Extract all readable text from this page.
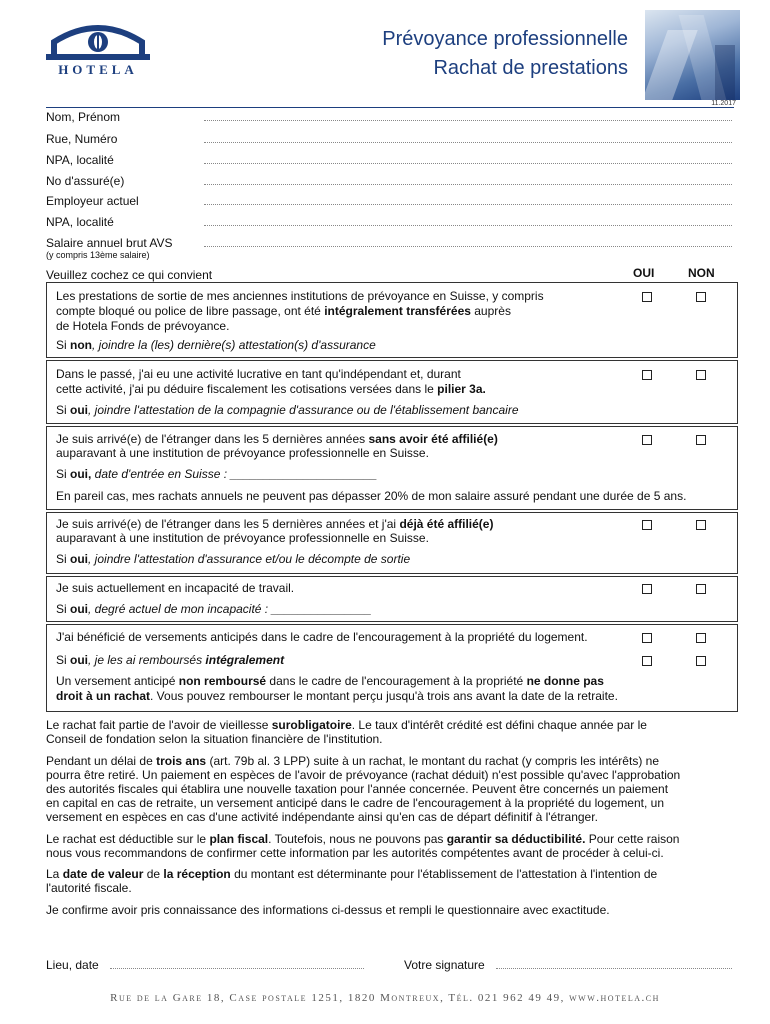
HOTELA
Prévoyance professionnelle
Rachat de prestations
11.2017
Nom, Prénom
Rue, Numéro
NPA, localité
No d'assuré(e)
Employeur actuel
NPA, localité
Salaire annuel brut AVS
(y compris 13ème salaire)
Veuillez cochez ce qui convient	OUI	NON
Les prestations de sortie de mes anciennes institutions de prévoyance en Suisse, y compris
compte bloqué ou police de libre passage, ont été intégralement transférées auprès
de Hotela Fonds de prévoyance.
Si non, joindre la (les) dernière(s) attestation(s) d'assurance
Dans le passé, j'ai eu une activité lucrative en tant qu'indépendant et, durant
cette activité, j'ai pu déduire fiscalement les cotisations versées dans le pilier 3a.
Si oui, joindre l'attestation de la compagnie d'assurance ou de l'établissement bancaire
Je suis arrivé(e) de l'étranger dans les 5 dernières années sans avoir été affilié(e)
auparavant à une institution de prévoyance professionnelle en Suisse.
Si oui, date d'entrée en Suisse : ______________________
En pareil cas, mes rachats annuels ne peuvent pas dépasser 20% de mon salaire assuré pendant une durée de 5 ans.
Je suis arrivé(e) de l'étranger dans les 5 dernières années et j'ai déjà été affilié(e)
auparavant à une institution de prévoyance professionnelle en Suisse.
Si oui, joindre l'attestation d'assurance et/ou le décompte de sortie
Je suis actuellement en incapacité de travail.
Si oui, degré actuel de mon incapacité : _______________
J'ai bénéficié de versements anticipés dans le cadre de l'encouragement à la propriété du logement.
Si oui, je les ai remboursés intégralement
Un versement anticipé non remboursé dans le cadre de l'encouragement à la propriété ne donne pas
droit à un rachat. Vous pouvez rembourser le montant perçu jusqu'à trois ans avant la date de la retraite.
Le rachat fait partie de l'avoir de vieillesse surobligatoire. Le taux d'intérêt crédité est défini chaque année par le
Conseil de fondation selon la situation financière de l'institution.
Pendant un délai de trois ans (art. 79b al. 3 LPP) suite à un rachat, le montant du rachat (y compris les intérêts) ne
pourra être retiré. Un paiement en espèces de l'avoir de prévoyance (rachat déduit) n'est possible qu'avec l'approbation
des autorités fiscales qui établira une nouvelle taxation pour l'année concernée. Peuvent être concernés un paiement
en capital en cas de retraite, un versement anticipé dans le cadre de l'encouragement à la propriété du logement, un
versement en espèces en cas d'une activité indépendante ainsi qu'en cas de départ définitif à l'étranger.
Le rachat est déductible sur le plan fiscal. Toutefois, nous ne pouvons pas garantir sa déductibilité. Pour cette raison
nous vous recommandons de confirmer cette information par les autorités compétentes avant de procéder à celui-ci.
La date de valeur de la réception du montant est déterminante pour l'établissement de l'attestation à l'intention de
l'autorité fiscale.
Je confirme avoir pris connaissance des informations ci-dessus et rempli le questionnaire avec exactitude.
Lieu, date	Votre signature
Rue de la Gare 18, Case postale 1251, 1820 Montreux, Tél. 021 962 49 49, www.hotela.ch
